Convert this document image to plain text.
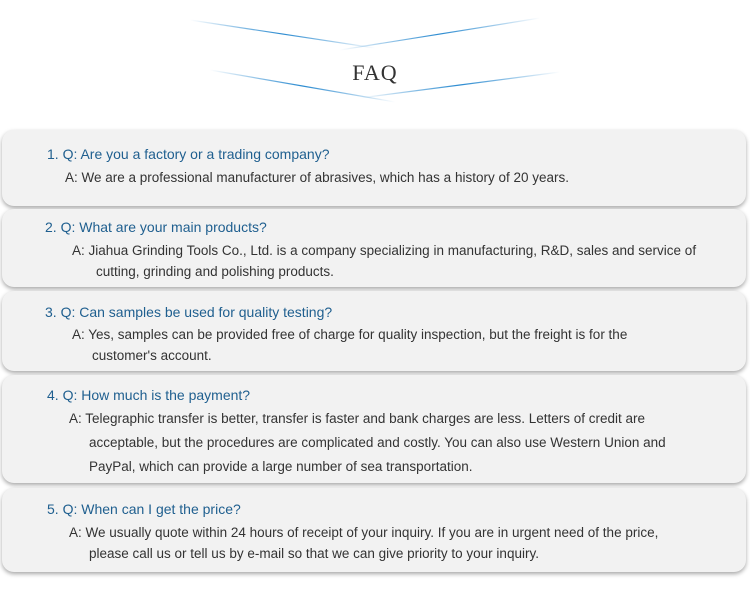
FAQ
1. Q: Are you a factory or a trading company?
A: We are a professional manufacturer of abrasives, which has a history of 20 years.
2. Q: What are your main products?
A: Jiahua Grinding Tools Co., Ltd. is a company specializing in manufacturing, R&D, sales and service of
cutting, grinding and polishing products.
3. Q: Can samples be used for quality testing?
A: Yes, samples can be provided free of charge for quality inspection, but the freight is for the
customer's account.
4. Q: How much is the payment?
A: Telegraphic transfer is better, transfer is faster and bank charges are less. Letters of credit are
acceptable, but the procedures are complicated and costly. You can also use Western Union and
PayPal, which can provide a large number of sea transportation.
5. Q: When can I get the price?
A: We usually quote within 24 hours of receipt of your inquiry. If you are in urgent need of the price,
please call us or tell us by e-mail so that we can give priority to your inquiry.
